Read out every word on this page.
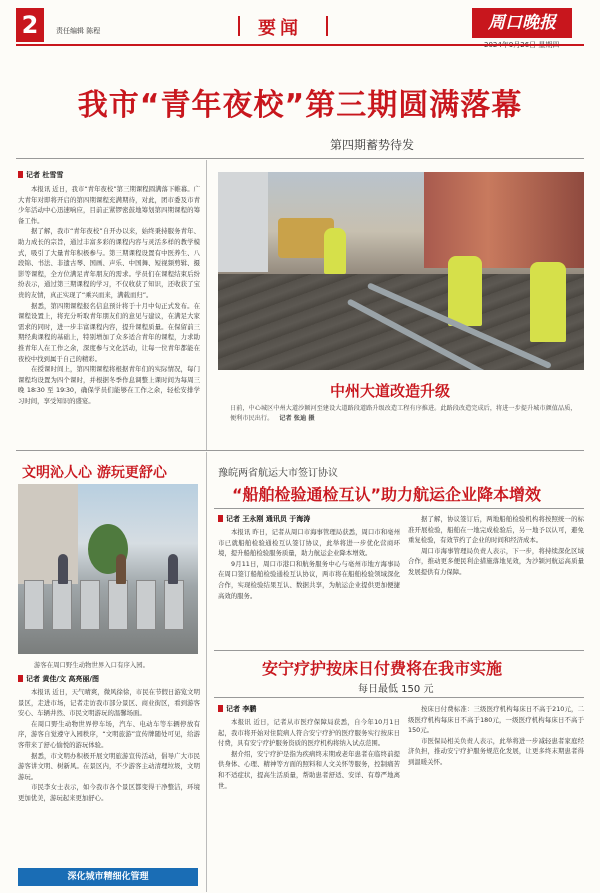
2	责任编辑 陈程	要闻	周口晚报
我市“青年夜校”第三期圆满落幕
第四期蓄势待发
记者 杜雪雪

本报讯 近日，我市“青年夜校”第三期课程圆满落下帷幕。广大青年对即将开启的第四期课程充满期待，对此，团市委及市青少年活动中心迅速响应，目前正紧锣密鼓地筹划第四期课程的筹备工作。

据了解，我市“青年夜校”自开办以来，始终秉持服务青年、助力成长的宗旨，通过丰富多彩的课程内容与灵活多样的教学模式，吸引了大量青年积极参与。第三期课程设置有中医养生、八段锦、书法、非遗古琴、国画、声乐、中国舞、短视频剪辑、摄影等课程，全方位满足青年朋友的需求。学员们在课程结束后纷纷表示，通过第三期课程的学习，不仅收获了知识，还收获了宝贵的友情，真正实现了“乘兴而来，满载而归”。

据悉，第四期课程报名信息预计将于十月中旬正式发布。在课程设置上，将充分听取青年朋友们的意见与建议，在满足大家需求的同时，进一步丰富课程内容，提升课程质量。在保留前三期经典课程的基础上，特别增加了众多适合青年的课程，力求助推青年人在工作之余，深度参与文化活动，让每一位青年都能在夜校中找到属于自己的精彩。

在授课时间上，第四期课程将根据青年们的实际情况，每门课程均设置为四个课时，并根据冬季作息调整上课时间为每周三晚 18∶30 至 19∶30，确保学员们能够在工作之余，轻松安排学习时间，享受知识的盛宴。

中州大道改造升级
日前，中心城区中州大道沙颍河至建设大道路段道路升级改造工程有序推进。此路段改造完成后，将进一步提升城市颜值品质，便利市民出行。 记者 张迪 摄
文明沁人心 游玩更舒心
游客在周口野生动物世界入口有序入园。
记者 黄佳/文 高亮丽/图

本报讯 近日，天气晴爽，微风徐徐，市民在节假日游览文明景区，走进市场，记者走访我市部分景区、商业街区，看到游客安心、车辆井然、市民文明游玩的温馨场面。

在周口野生动物世界停车场，汽车、电动车等车辆停放有序，游客自觉遵守入园秩序，“文明旅游”宣传牌随处可见，给游客带来了舒心愉悦的游玩体验。

据悉，市文明办积极开展文明旅游宣传活动，倡导广大市民游客讲文明、树新风。在景区内，不少游客主动清理垃圾，文明游玩。

市民李女士表示，如今我市各个景区都变得干净整洁，环境更加优美，游玩起来更加舒心。

深化城市精细化管理
豫皖两省航运大市签订协议
“船舶检验通检互认”助力航运企业降本增效
记者 王永刚 通讯员 于海涛

本报讯 昨日，记者从周口市海事管理局获悉，周口市和亳州市已就船舶检验通检互认签订协议，此举将进一步优化营商环境，提升船舶检验服务质量，助力航运企业降本增效。

9月11日，周口市港口和航务服务中心与亳州市地方海事局在周口签订船舶检验通检互认协议，两市将在船舶检验领域深化合作，实现检验结果互认、数据共享，为航运企业提供更加便捷高效的服务。

据了解，协议签订后，两地船舶检验机构将按照统一的标准开展检验，船舶在一地完成检验后，另一地予以认可，避免重复检验，有效节约了企业的时间和经济成本。

周口市海事管理局负责人表示，下一步，将持续深化区域合作，推动更多便民利企措施落地见效，为沙颍河航运高质量发展提供有力保障。

安宁疗护按床日付费将在我市实施
每日最低 150 元
记者 李鹏

本报讯 近日，记者从市医疗保障局获悉，自今年10月1日起，我市将开始对住院病人符合安宁疗护的医疗服务实行按床日付费，具有安宁疗护服务资质的医疗机构将纳入试点范围。

据介绍，安宁疗护是指为疾病终末期或老年患者在临终前提供身体、心理、精神等方面的照料和人文关怀等服务，控制痛苦和不适症状，提高生活质量，帮助患者舒适、安详、有尊严地离世。

按床日付费标准：三级医疗机构每床日不高于210元，二级医疗机构每床日不高于180元，一级医疗机构每床日不高于150元。

市医保局相关负责人表示，此举将进一步减轻患者家庭经济负担，推动安宁疗护服务规范化发展，让更多终末期患者得到温暖关怀。
